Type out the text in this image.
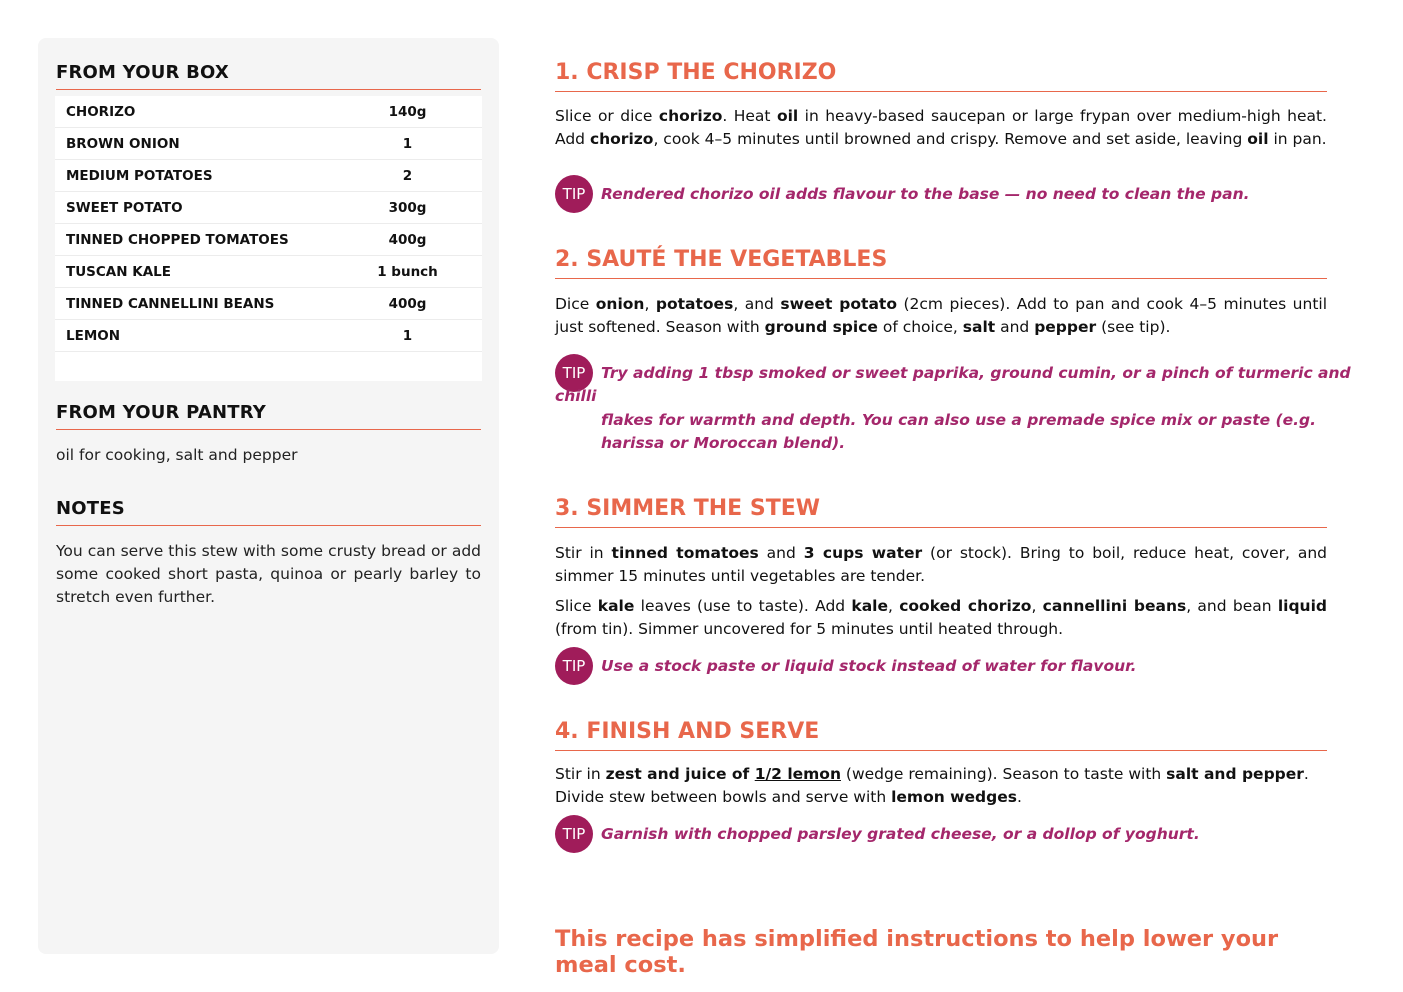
FROM YOUR BOX
CHORIZO	140g
BROWN ONION	1
MEDIUM POTATOES	2
SWEET POTATO	300g
TINNED CHOPPED TOMATOES	400g
TUSCAN KALE	1 bunch
TINNED CANNELLINI BEANS	400g
LEMON	1
FROM YOUR PANTRY
oil for cooking, salt and pepper
NOTES
You can serve this stew with some crusty bread or add some cooked short pasta, quinoa or pearly barley to stretch even further.
1. CRISP THE CHORIZO
Slice or dice chorizo. Heat oil in heavy-based saucepan or large frypan over medium-high heat. Add chorizo, cook 4–5 minutes until browned and crispy. Remove and set aside, leaving oil in pan.
TIP	Rendered chorizo oil adds flavour to the base — no need to clean the pan.
2. SAUTÉ THE VEGETABLES
Dice onion, potatoes, and sweet potato (2cm pieces). Add to pan and cook 4–5 minutes until just softened. Season with ground spice of choice, salt and pepper (see tip).
TIP	Try adding 1 tbsp smoked or sweet paprika, ground cumin, or a pinch of turmeric and
chilli
flakes for warmth and depth. You can also use a premade spice mix or paste (e.g. harissa or Moroccan blend).
3. SIMMER THE STEW
Stir in tinned tomatoes and 3 cups water (or stock). Bring to boil, reduce heat, cover, and simmer 15 minutes until vegetables are tender.
Slice kale leaves (use to taste). Add kale, cooked chorizo, cannellini beans, and bean liquid (from tin). Simmer uncovered for 5 minutes until heated through.
TIP	Use a stock paste or liquid stock instead of water for flavour.
4. FINISH AND SERVE
Stir in zest and juice of 1/2 lemon (wedge remaining). Season to taste with salt and pepper.
Divide stew between bowls and serve with lemon wedges.
TIP	Garnish with chopped parsley grated cheese, or a dollop of yoghurt.
This recipe has simplified instructions to help lower your meal cost.
